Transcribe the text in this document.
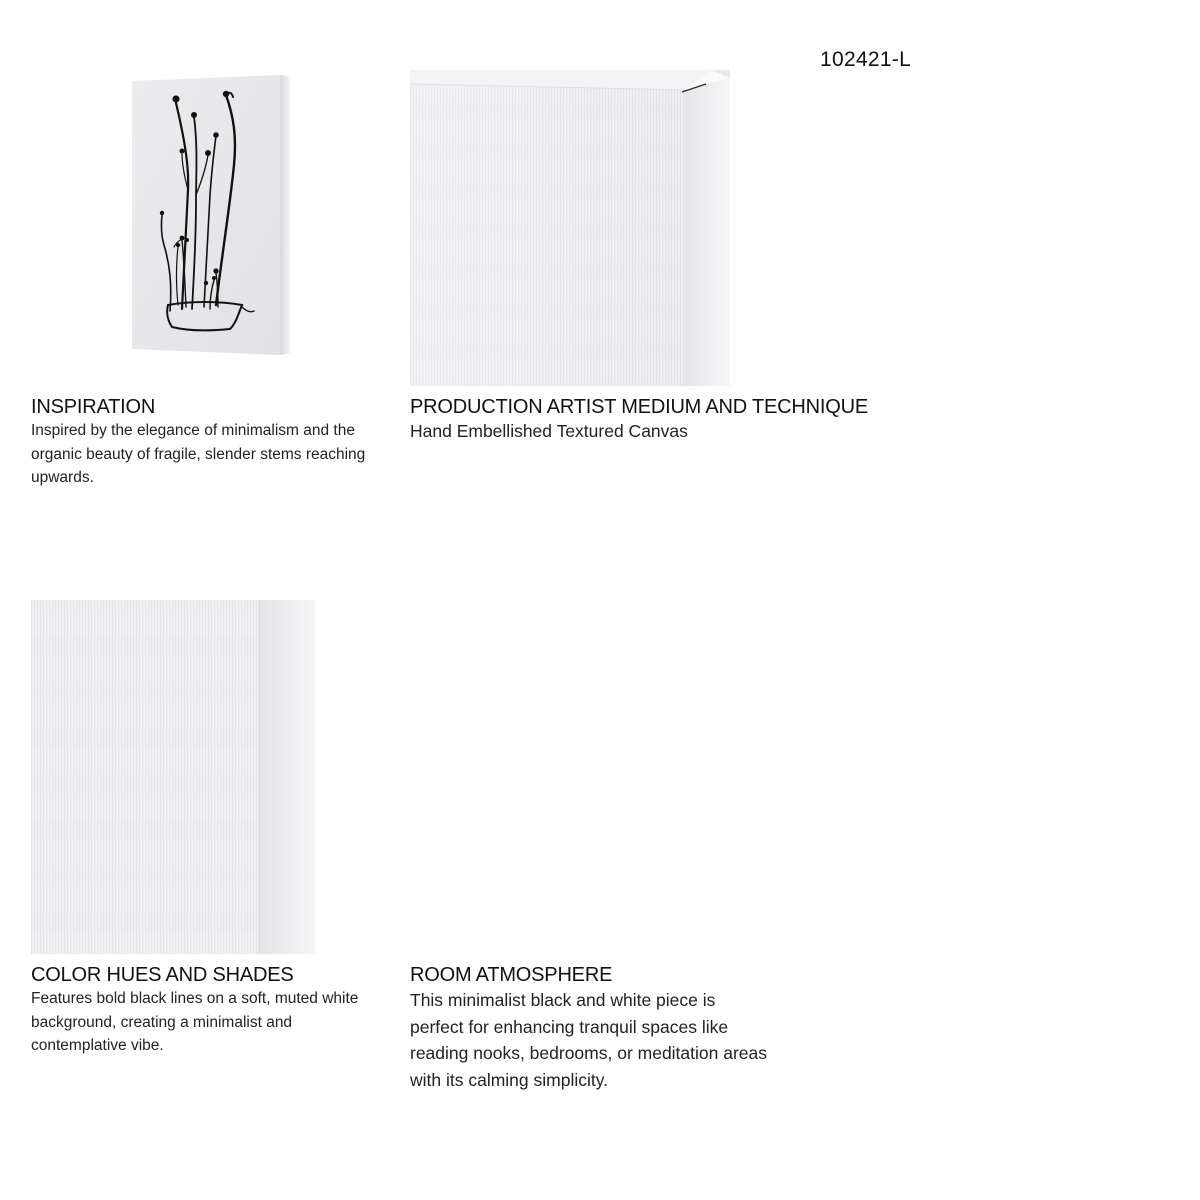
102421-L
INSPIRATION

Inspired by the elegance of minimalism and the organic beauty of fragile, slender stems reaching upwards.

PRODUCTION ARTIST MEDIUM AND TECHNIQUE

Hand Embellished Textured Canvas

COLOR HUES AND SHADES

Features bold black lines on a soft, muted white background, creating a minimalist and contemplative vibe.

ROOM ATMOSPHERE

This minimalist black and white piece is perfect for enhancing tranquil spaces like reading nooks, bedrooms, or meditation areas with its calming simplicity.
